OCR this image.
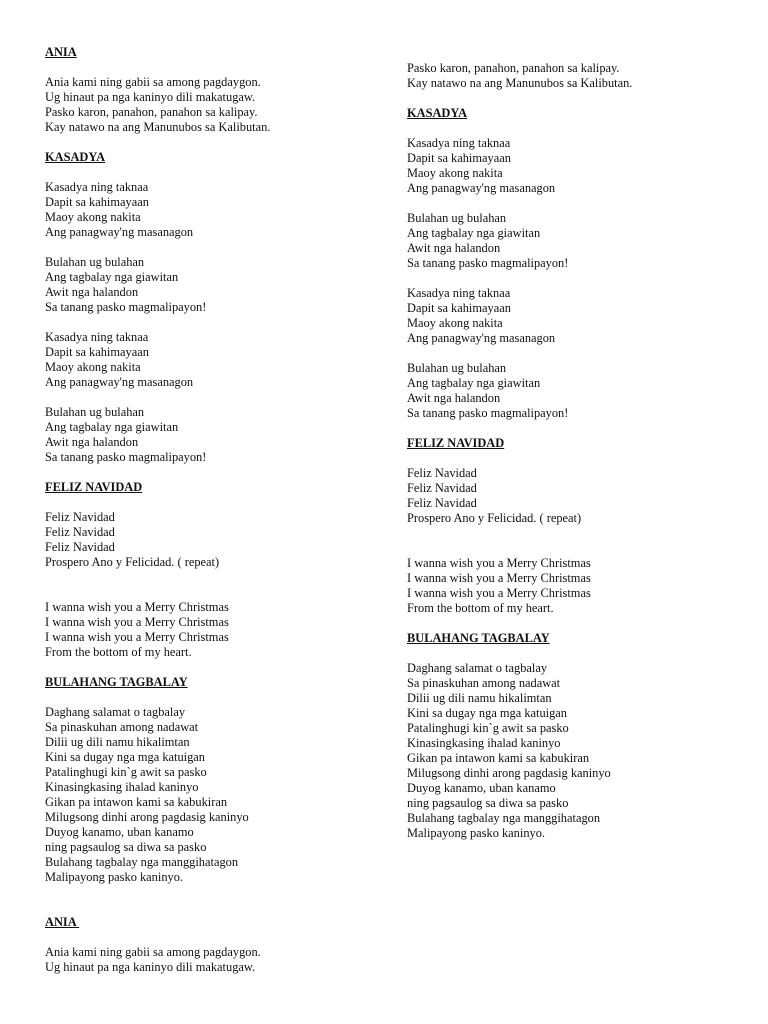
ANIA
Ania kami ning gabii sa among pagdaygon.
Ug hinaut pa nga kaninyo dili makatugaw.
Pasko karon, panahon, panahon sa kalipay.
Kay natawo na ang Manunubos sa Kalibutan.
KASADYA
Kasadya ning taknaa
Dapit sa kahimayaan
Maoy akong nakita
Ang panagway'ng masanagon
Bulahan ug bulahan
Ang tagbalay nga giawitan
Awit nga halandon
Sa tanang pasko magmalipayon!
Kasadya ning taknaa
Dapit sa kahimayaan
Maoy akong nakita
Ang panagway'ng masanagon
Bulahan ug bulahan
Ang tagbalay nga giawitan
Awit nga halandon
Sa tanang pasko magmalipayon!
FELIZ NAVIDAD
Feliz Navidad
Feliz Navidad
Feliz Navidad
Prospero Ano y Felicidad. ( repeat)
I wanna wish you a Merry Christmas
I wanna wish you a Merry Christmas
I wanna wish you a Merry Christmas
From the bottom of my heart.
BULAHANG TAGBALAY
Daghang salamat o tagbalay
Sa pinaskuhan among nadawat
Dilii ug dili namu hikalimtan
Kini sa dugay nga mga katuigan
Patalinghugi kin`g awit sa pasko
Kinasingkasing ihalad kaninyo
Gikan pa intawon kami sa kabukiran
Milugsong dinhi arong pagdasig kaninyo
Duyog kanamo, uban kanamo
ning pagsaulog sa diwa sa pasko
Bulahang tagbalay nga manggihatagon
Malipayong pasko kaninyo.
ANIA
Ania kami ning gabii sa among pagdaygon.
Ug hinaut pa nga kaninyo dili makatugaw.
Pasko karon, panahon, panahon sa kalipay.
Kay natawo na ang Manunubos sa Kalibutan.
KASADYA
Kasadya ning taknaa
Dapit sa kahimayaan
Maoy akong nakita
Ang panagway'ng masanagon
Bulahan ug bulahan
Ang tagbalay nga giawitan
Awit nga halandon
Sa tanang pasko magmalipayon!
Kasadya ning taknaa
Dapit sa kahimayaan
Maoy akong nakita
Ang panagway'ng masanagon
Bulahan ug bulahan
Ang tagbalay nga giawitan
Awit nga halandon
Sa tanang pasko magmalipayon!
FELIZ NAVIDAD
Feliz Navidad
Feliz Navidad
Feliz Navidad
Prospero Ano y Felicidad. ( repeat)
I wanna wish you a Merry Christmas
I wanna wish you a Merry Christmas
I wanna wish you a Merry Christmas
From the bottom of my heart.
BULAHANG TAGBALAY
Daghang salamat o tagbalay
Sa pinaskuhan among nadawat
Dilii ug dili namu hikalimtan
Kini sa dugay nga mga katuigan
Patalinghugi kin`g awit sa pasko
Kinasingkasing ihalad kaninyo
Gikan pa intawon kami sa kabukiran
Milugsong dinhi arong pagdasig kaninyo
Duyog kanamo, uban kanamo
ning pagsaulog sa diwa sa pasko
Bulahang tagbalay nga manggihatagon
Malipayong pasko kaninyo.
